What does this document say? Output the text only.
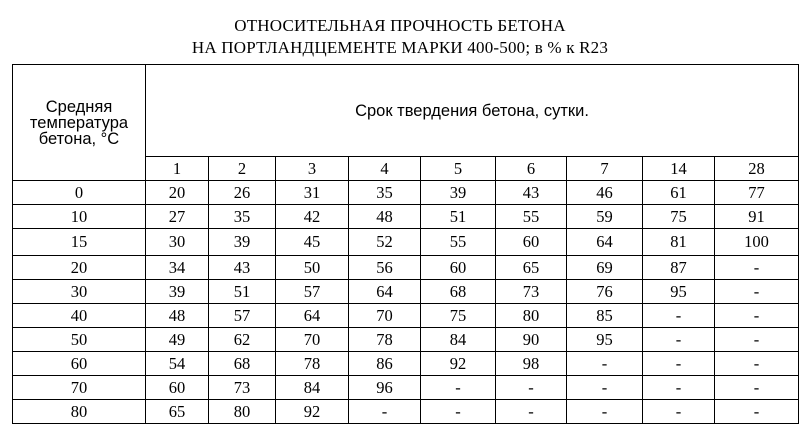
ОТНОСИТЕЛЬНАЯ ПРОЧНОСТЬ БЕТОНА
НА ПОРТЛАНДЦЕМЕНТЕ МАРКИ 400-500; в % к R23
Средняя
температура
бетона, °С	Срок твердения бетона, сутки.								
	1	2	3	4	5	6	7	14	28
0	20	26	31	35	39	43	46	61	77
10	27	35	42	48	51	55	59	75	91
15	30	39	45	52	55	60	64	81	100
20	34	43	50	56	60	65	69	87	-
30	39	51	57	64	68	73	76	95	-
40	48	57	64	70	75	80	85	-	-
50	49	62	70	78	84	90	95	-	-
60	54	68	78	86	92	98	-	-	-
70	60	73	84	96	-	-	-	-	-
80	65	80	92	-	-	-	-	-	-
